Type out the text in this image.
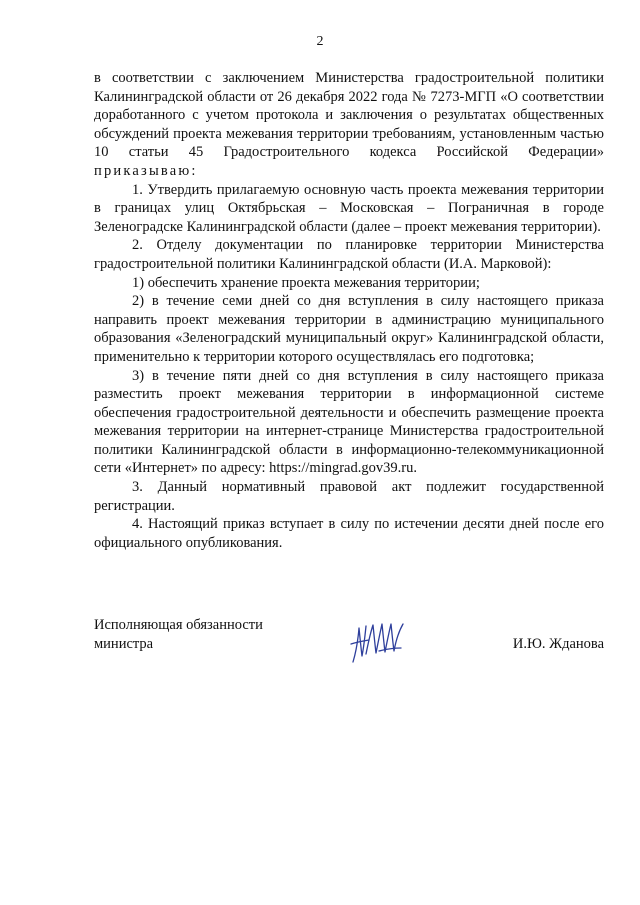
2

в соответствии с заключением Министерства градостроительной политики Калининградской области от 26 декабря 2022 года № 7273-МГП «О соответствии доработанного с учетом протокола и заключения о результатах общественных обсуждений проекта межевания территории требованиям, установленным частью 10 статьи 45 Градостроительного кодекса Российской Федерации» приказываю:

1. Утвердить прилагаемую основную часть проекта межевания территории в границах улиц Октябрьская – Московская – Пограничная в городе Зеленоградске Калининградской области (далее – проект межевания территории).

2. Отделу документации по планировке территории Министерства градостроительной политики Калининградской области (И.А. Марковой):

1) обеспечить хранение проекта межевания территории;

2) в течение семи дней со дня вступления в силу настоящего приказа направить проект межевания территории в администрацию муниципального образования «Зеленоградский муниципальный округ» Калининградской области, применительно к территории которого осуществлялась его подготовка;

3) в течение пяти дней со дня вступления в силу настоящего приказа разместить проект межевания территории в информационной системе обеспечения градостроительной деятельности и обеспечить размещение проекта межевания территории на интернет-странице Министерства градостроительной политики Калининградской области в информационно-телекоммуникационной сети «Интернет» по адресу: https://mingrad.gov39.ru.

3. Данный нормативный правовой акт подлежит государственной регистрации.

4. Настоящий приказ вступает в силу по истечении десяти дней после его официального опубликования.

Исполняющая обязанности
министра	И.Ю. Жданова
